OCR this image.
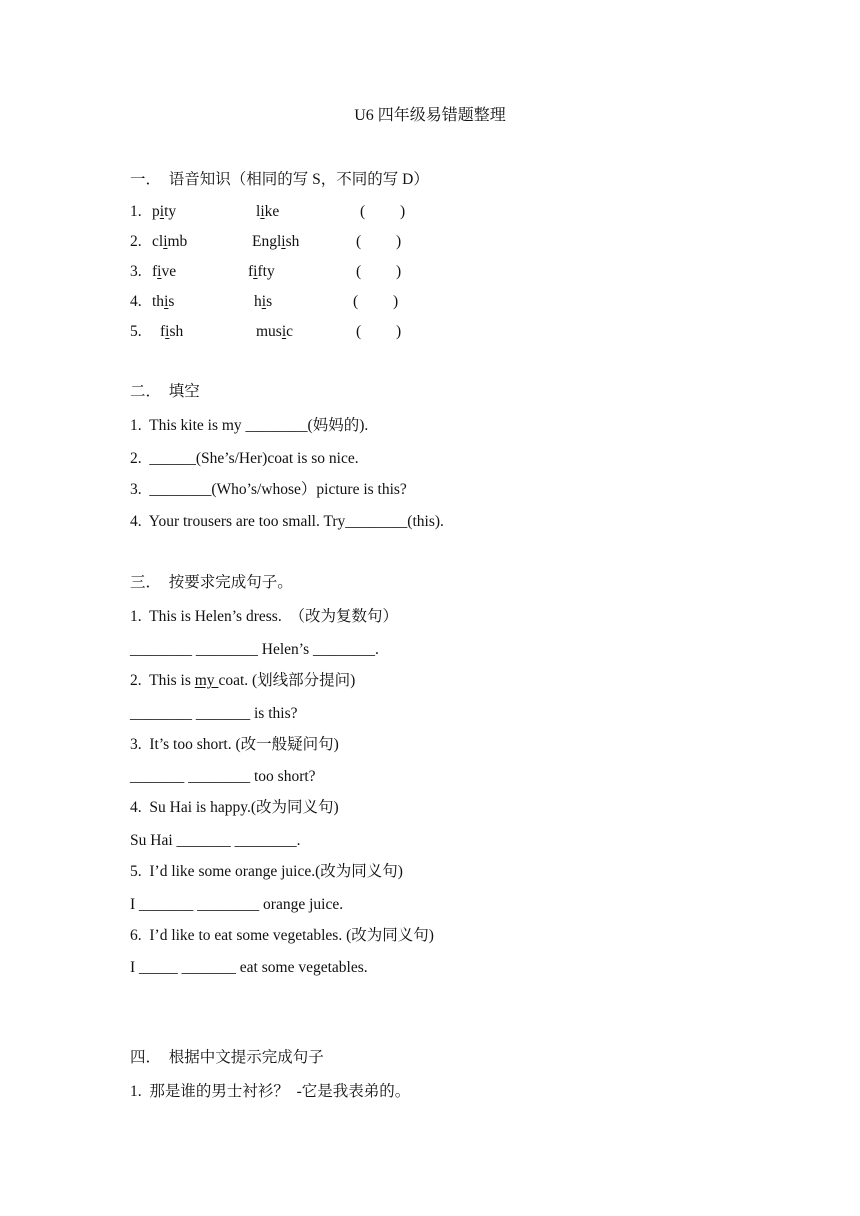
U6 四年级易错题整理
一．　语音知识（相同的写 S，不同的写 D）
1. pity	like	(         )
2. climb	English	(         )
3. five	fifty	(         )
4. this	his	(         )
5. fish	music	(         )
二．　填空
1.  This kite is my ________(妈妈的).
2.  ______(She’s/Her)coat is so nice.
3.  ________(Who’s/whose）picture is this?
4.  Your trousers are too small. Try________(this).
三．　按要求完成句子。
1.  This is Helen’s dress.  （改为复数句）
________ ________ Helen’s ________.
2.  This is my coat. (划线部分提问)
________ _______ is this?
3.  It’s too short. (改一般疑问句)
_______ ________ too short?
4.  Su Hai is happy.(改为同义句)
Su Hai _______ ________.
5.  I’d like some orange juice.(改为同义句)
I _______ ________ orange juice.
6.  I’d like to eat some vegetables. (改为同义句)
I _____ _______ eat some vegetables.
四．　根据中文提示完成句子
1.  那是谁的男士衬衫？  -它是我表弟的。
